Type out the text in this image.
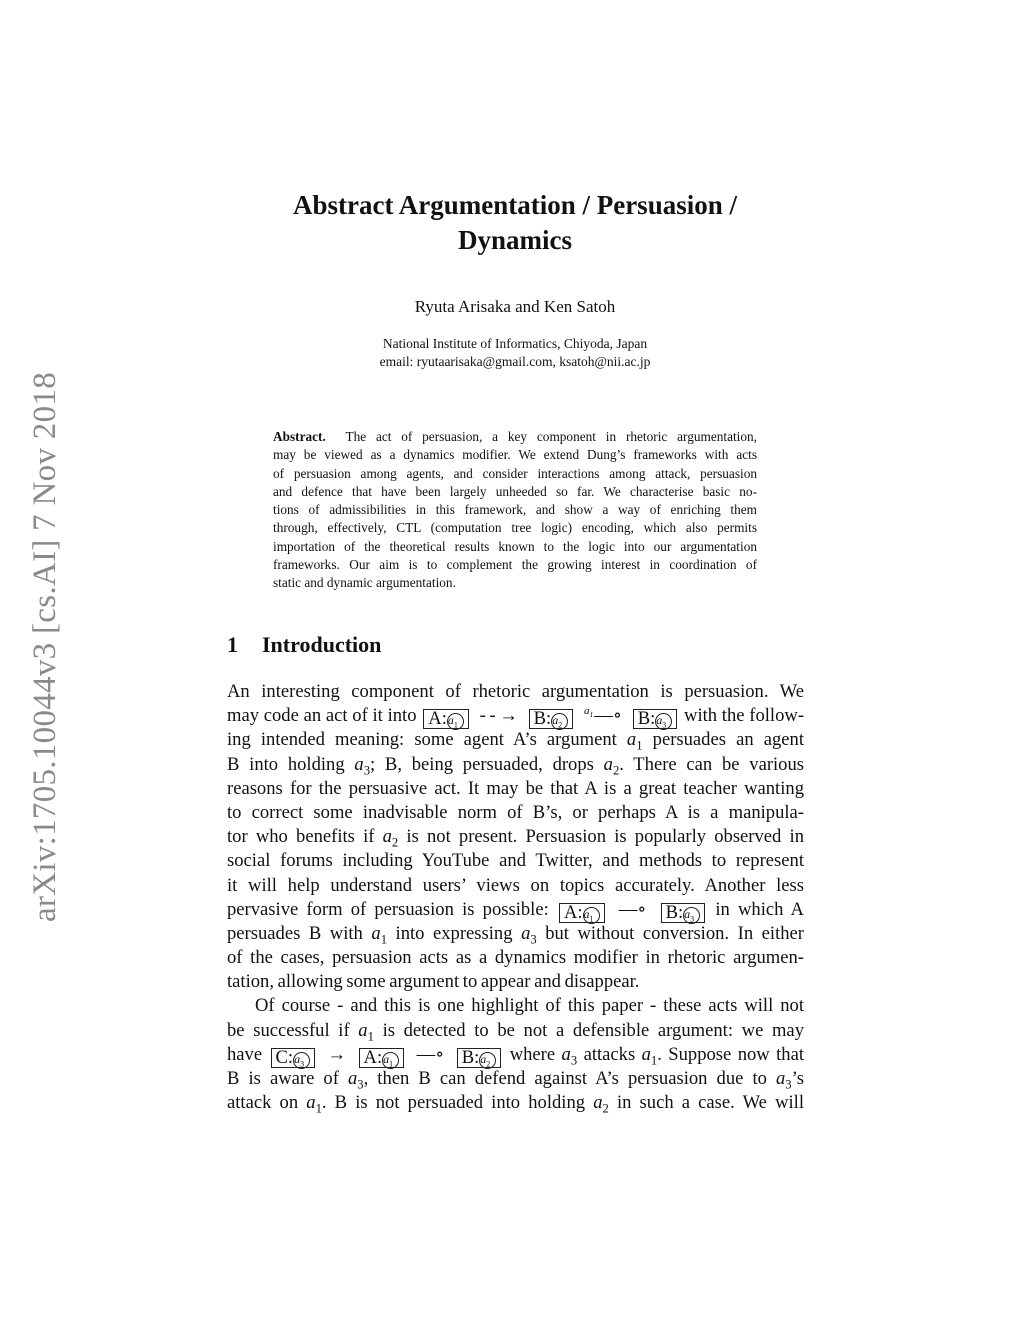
arXiv:1705.10044v3 [cs.AI] 7 Nov 2018
Abstract Argumentation / Persuasion /
Dynamics
Ryuta Arisaka and Ken Satoh
National Institute of Informatics, Chiyoda, Japan
email: ryutaarisaka@gmail.com, ksatoh@nii.ac.jp
Abstract. The act of persuasion, a key component in rhetoric argumentation,
may be viewed as a dynamics modifier. We extend Dung’s frameworks with acts
of persuasion among agents, and consider interactions among attack, persuasion
and defence that have been largely unheeded so far. We characterise basic no-
tions of admissibilities in this framework, and show a way of enriching them
through, effectively, CTL (computation tree logic) encoding, which also permits
importation of the theoretical results known to the logic into our argumentation
frameworks. Our aim is to complement the growing interest in coordination of
static and dynamic argumentation.
1 Introduction
An interesting component of rhetoric argumentation is persuasion. We
may code an act of it into $A:a_1$ - - → $B:a_2$ $a_1—\circ$ $B:a_3$ with the follow-
ing intended meaning: some agent A’s argument $a_1$ persuades an agent
B into holding $a_3$; B, being persuaded, drops $a_2$. There can be various
reasons for the persuasive act. It may be that A is a great teacher wanting
to correct some inadvisable norm of B’s, or perhaps A is a manipula-
tor who benefits if $a_2$ is not present. Persuasion is popularly observed in
social forums including YouTube and Twitter, and methods to represent
it will help understand users’ views on topics accurately. Another less
pervasive form of persuasion is possible: $A:a_1$ —∘ $B:a_3$ in which A
persuades B with $a_1$ into expressing $a_3$ but without conversion. In either
of the cases, persuasion acts as a dynamics modifier in rhetoric argumen-
tation, allowing some argument to appear and disappear.
Of course - and this is one highlight of this paper - these acts will not
be successful if $a_1$ is detected to be not a defensible argument: we may
have $C:a_3$ → $A:a_1$ —∘ $B:a_2$ where $a_3$ attacks $a_1$. Suppose now that
B is aware of $a_3$, then B can defend against A’s persuasion due to $a_3’s$
attack on $a_1$. B is not persuaded into holding $a_2$ in such a case. We will
